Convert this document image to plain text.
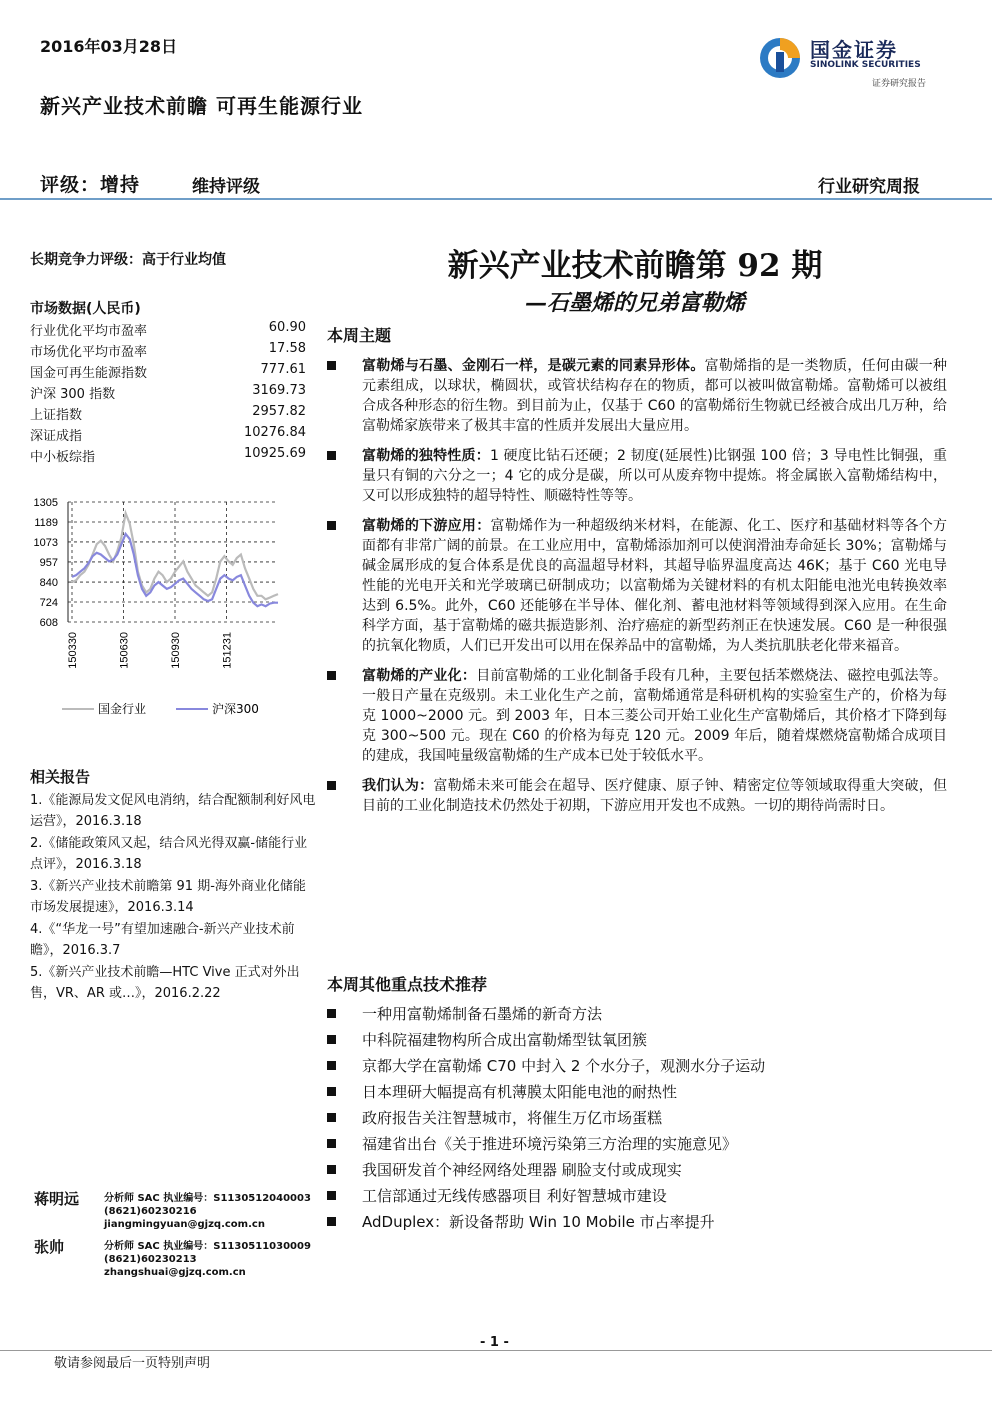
2016年03月28日
新兴产业技术前瞻 可再生能源行业
国金证券
SINOLINK SECURITIES
证券研究报告
评级：增持	维持评级	行业研究周报
长期竞争力评级：高于行业均值
市场数据(人民币)
行业优化平均市盈率	60.90
市场优化平均市盈率	17.58
国金可再生能源指数	777.61
沪深 300 指数	3169.73
上证指数	2957.82
深证成指	10276.84
中小板综指	10925.69
1305
1189
1073
957
840
724
608
150330	150630	150930	151231
国金行业	沪深300
相关报告
1.《能源局发文促风电消纳，结合配额制利好风电运营》，2016.3.18
2.《储能政策风又起，结合风光得双赢-储能行业点评》，2016.3.18
3.《新兴产业技术前瞻第 91 期-海外商业化储能市场发展提速》，2016.3.14
4.《“华龙一号”有望加速融合-新兴产业技术前瞻》，2016.3.7
5.《新兴产业技术前瞻—HTC Vive 正式对外出售，VR、AR 或…》，2016.2.22
蒋明远 分析师 SAC 执业编号：S1130512040003
(8621)60230216
jiangmingyuan@gjzq.com.cn
张帅	分析师 SAC 执业编号：S1130511030009
(8621)60230213
zhangshuai@gjzq.com.cn
新兴产业技术前瞻第 92 期
—石墨烯的兄弟富勒烯
本周主题
富勒烯与石墨、金刚石一样，是碳元素的同素异形体。富勒烯指的是一类物质，任何由碳一种元素组成，以球状，椭圆状，或管状结构存在的物质，都可以被叫做富勒烯。富勒烯可以被组合成各种形态的衍生物。到目前为止，仅基于 C60 的富勒烯衍生物就已经被合成出几万种，给富勒烯家族带来了极其丰富的性质并发展出大量应用。
富勒烯的独特性质：1 硬度比钻石还硬；2 韧度(延展性)比钢强 100 倍；3 导电性比铜强，重量只有铜的六分之一；4 它的成分是碳，所以可从废弃物中提炼。将金属嵌入富勒烯结构中，又可以形成独特的超导特性、顺磁特性等等。
富勒烯的下游应用：富勒烯作为一种超级纳米材料，在能源、化工、医疗和基础材料等各个方面都有非常广阔的前景。在工业应用中，富勒烯添加剂可以使润滑油寿命延长 30%；富勒烯与碱金属形成的复合体系是优良的高温超导材料，其超导临界温度高达 46K；基于 C60 光电导性能的光电开关和光学玻璃已研制成功；以富勒烯为关键材料的有机太阳能电池光电转换效率达到 6.5%。此外，C60 还能够在半导体、催化剂、蓄电池材料等领域得到深入应用。在生命科学方面，基于富勒烯的磁共振造影剂、治疗癌症的新型药剂正在快速发展。C60 是一种很强的抗氧化物质，人们已开发出可以用在保养品中的富勒烯，为人类抗肌肤老化带来福音。
富勒烯的产业化：目前富勒烯的工业化制备手段有几种，主要包括苯燃烧法、磁控电弧法等。一般日产量在克级别。未工业化生产之前，富勒烯通常是科研机构的实验室生产的，价格为每克 1000~2000 元。到 2003 年，日本三菱公司开始工业化生产富勒烯后，其价格才下降到每克 300~500 元。现在 C60 的价格为每克 120 元。2009 年后，随着煤燃烧富勒烯合成项目的建成，我国吨量级富勒烯的生产成本已处于较低水平。
我们认为：富勒烯未来可能会在超导、医疗健康、原子钟、精密定位等领域取得重大突破，但目前的工业化制造技术仍然处于初期，下游应用开发也不成熟。一切的期待尚需时日。
本周其他重点技术推荐
一种用富勒烯制备石墨烯的新奇方法
中科院福建物构所合成出富勒烯型钛氧团簇
京都大学在富勒烯 C70 中封入 2 个水分子，观测水分子运动
日本理研大幅提高有机薄膜太阳能电池的耐热性
政府报告关注智慧城市，将催生万亿市场蛋糕
福建省出台《关于推进环境污染第三方治理的实施意见》
我国研发首个神经网络处理器 刷脸支付或成现实
工信部通过无线传感器项目 利好智慧城市建设
AdDuplex：新设备帮助 Win 10 Mobile 市占率提升
- 1 -
敬请参阅最后一页特别声明
